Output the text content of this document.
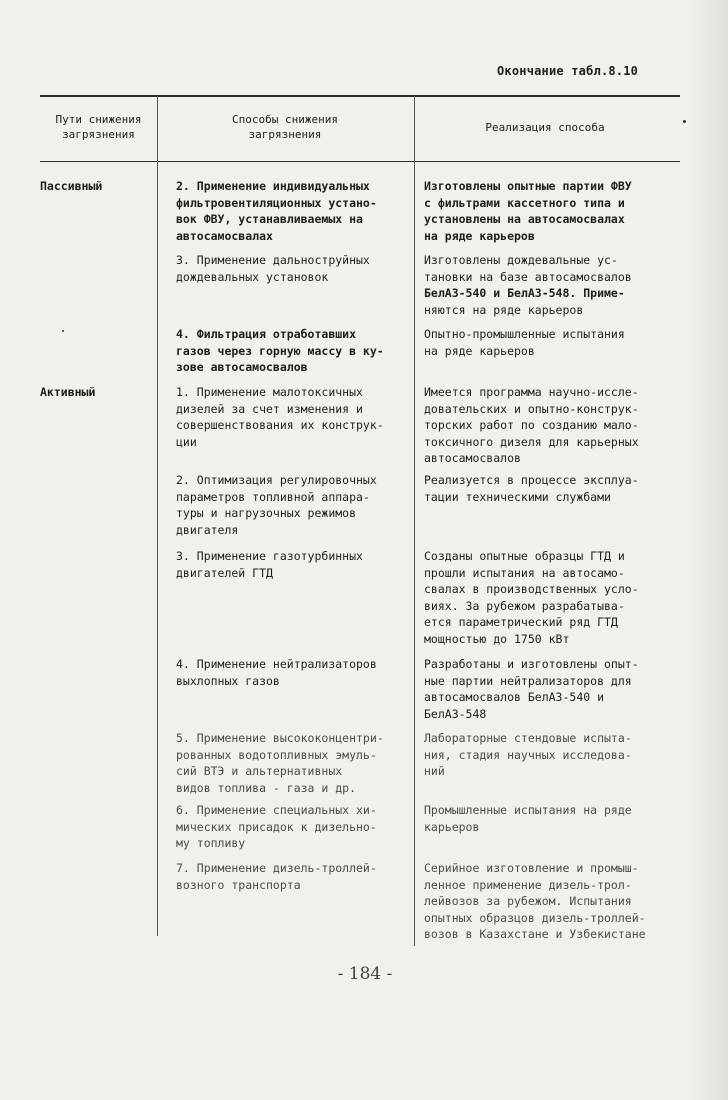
Окончание табл.8.10
Пути снижения
загрязнения
Способы снижения
загрязнения
Реализация способа
Пассивный
Активный
2. Применение индивидуальных
фильтровентиляционных устано-
вок ФВУ, устанавливаемых на
автосамосвалах
Изготовлены опытные партии ФВУ
с фильтрами кассетного типа и
установлены на автосамосвалах
на ряде карьеров
3. Применение дальноструйных
дождевальных установок
Изготовлены дождевальные ус-
тановки на базе автосамосвалов
БелАЗ-540 и БелАЗ-548. Приме-
няются на ряде карьеров
4. Фильтрация отработавших
газов через горную массу в ку-
зове автосамосвалов
Опытно-промышленные испытания
на ряде карьеров
1. Применение малотоксичных
дизелей за счет изменения и
совершенствования их конструк-
ции
Имеется программа научно-иссле-
довательских и опытно-конструк-
торских работ по созданию мало-
токсичного дизеля для карьерных
автосамосвалов
2. Оптимизация регулировочных
параметров топливной аппара-
туры и нагрузочных режимов
двигателя
Реализуется в процессе эксплуа-
тации техническими службами
3. Применение газотурбинных
двигателей ГТД
Созданы опытные образцы ГТД и
прошли испытания на автосамо-
свалах в производственных усло-
виях. За рубежом разрабатыва-
ется параметрический ряд ГТД
мощностью до 1750 кВт
4. Применение нейтрализаторов
выхлопных газов
Разработаны и изготовлены опыт-
ные партии нейтрализаторов для
автосамосвалов БелАЗ-540 и
БелАЗ-548
5. Применение высококонцентри-
рованных водотопливных эмуль-
сий ВТЭ и альтернативных
видов топлива - газа и др.
Лабораторные стендовые испыта-
ния, стадия научных исследова-
ний
6. Применение специальных хи-
мических присадок к дизельно-
му топливу
Промышленные испытания на ряде
карьеров
7. Применение дизель-троллей-
возного транспорта
Серийное изготовление и промыш-
ленное применение дизель-трол-
лейвозов за рубежом. Испытания
опытных образцов дизель-троллей-
возов в Казахстане и Узбекистане
- 184 -
